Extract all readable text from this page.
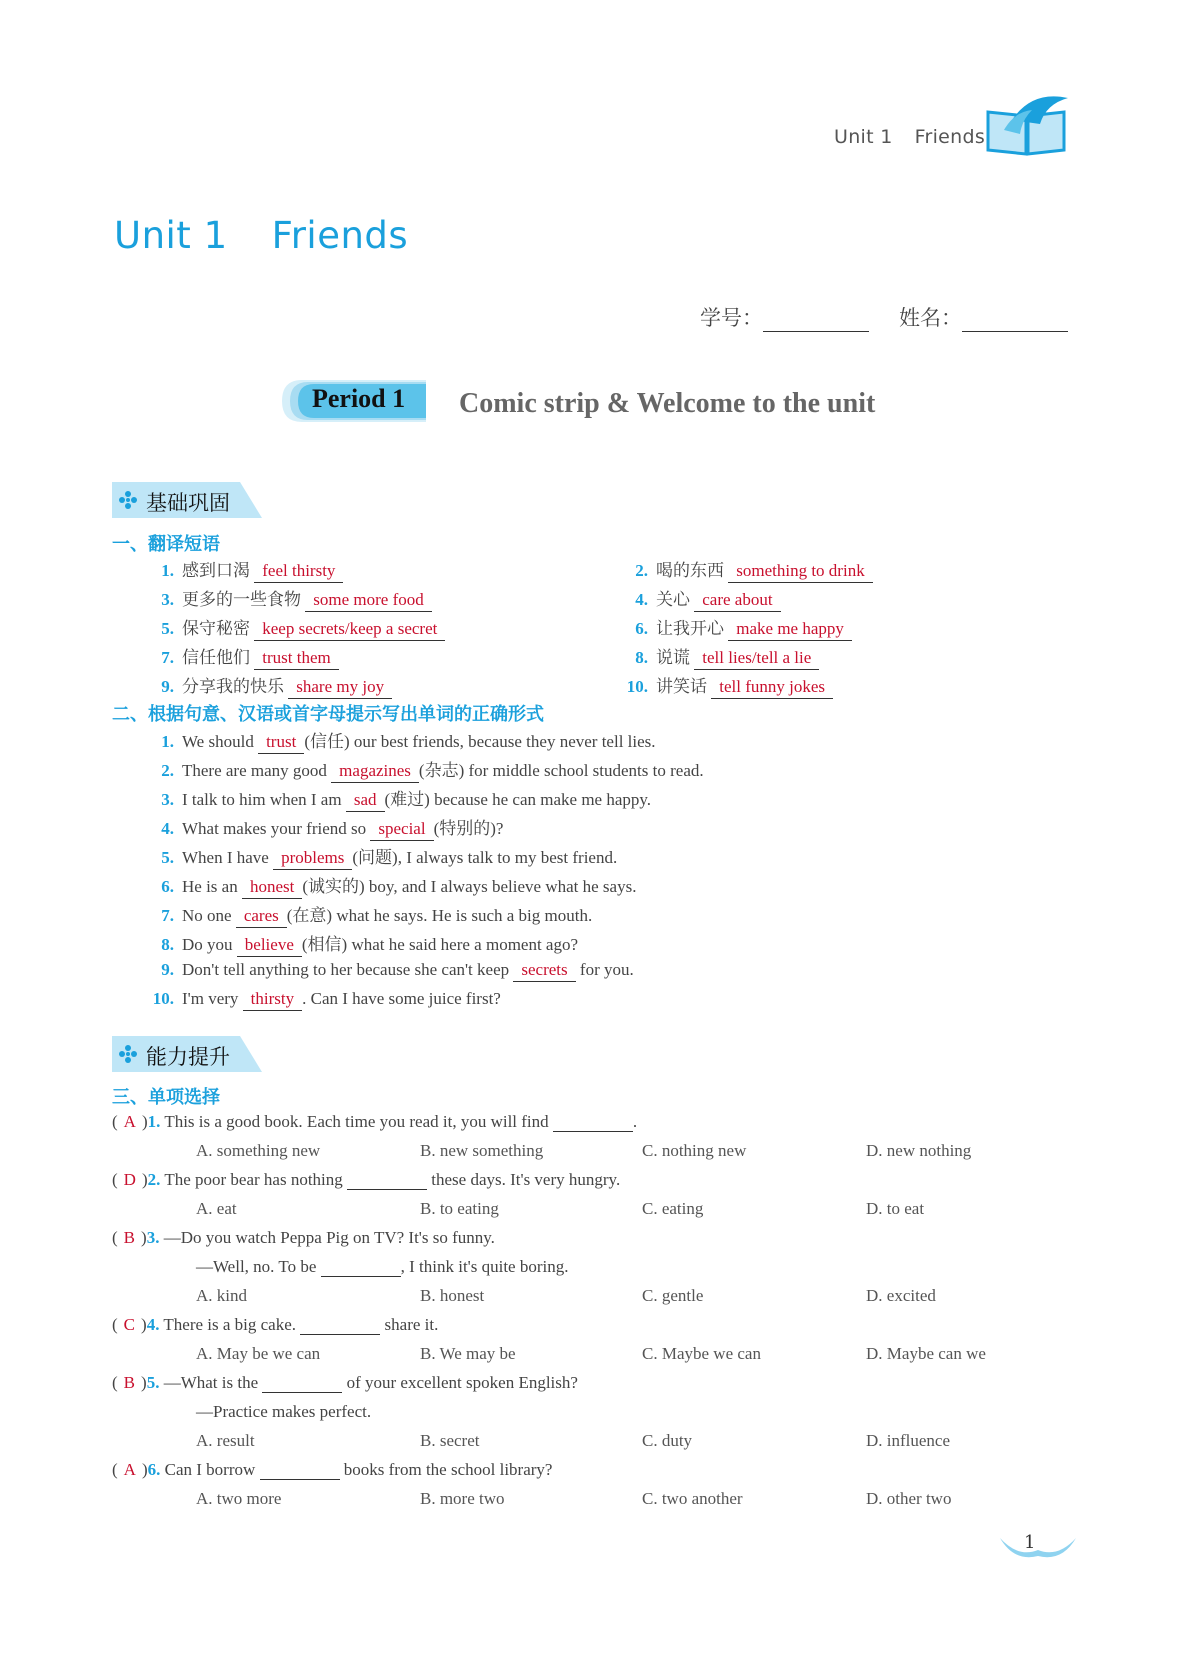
Unit 1 Friends
Unit 1 Friends
学号：	姓名：
Period 1 Comic strip & Welcome to the unit
基础巩固
一、翻译短语
1. 感到口渴 feel thirsty	2. 喝的东西 something to drink
3. 更多的一些食物 some more food	4. 关心 care about
5. 保守秘密 keep secrets/keep a secret	6. 让我开心 make me happy
7. 信任他们 trust them	8. 说谎 tell lies/tell a lie
9. 分享我的快乐 share my joy	10. 讲笑话 tell funny jokes
二、根据句意、汉语或首字母提示写出单词的正确形式
1. We should trust (信任) our best friends, because they never tell lies.
2. There are many good magazines (杂志) for middle school students to read.
3. I talk to him when I am sad (难过) because he can make me happy.
4. What makes your friend so special (特别的)?
5. When I have problems (问题), I always talk to my best friend.
6. He is an honest (诚实的) boy, and I always believe what he says.
7. No one cares (在意) what he says. He is such a big mouth.
8. Do you believe (相信) what he said here a moment ago?
9. Don't tell anything to her because she can't keep secrets for you.
10. I'm very thirsty . Can I have some juice first?
能力提升
三、单项选择
( A )1. This is a good book. Each time you read it, you will find	.
A. something new	B. new something	C. nothing new	D. new nothing
( D )2. The poor bear has nothing	these days. It's very hungry.
A. eat	B. to eating	C. eating	D. to eat
( B )3. —Do you watch Peppa Pig on TV? It's so funny.
—Well, no. To be	, I think it's quite boring.
A. kind	B. honest	C. gentle	D. excited
( C )4. There is a big cake.	share it.
A. May be we can	B. We may be	C. Maybe we can	D. Maybe can we
( B )5. —What is the	of your excellent spoken English?
—Practice makes perfect.
A. result	B. secret	C. duty	D. influence
( A )6. Can I borrow	books from the school library?
A. two more	B. more two	C. two another	D. other two
1
